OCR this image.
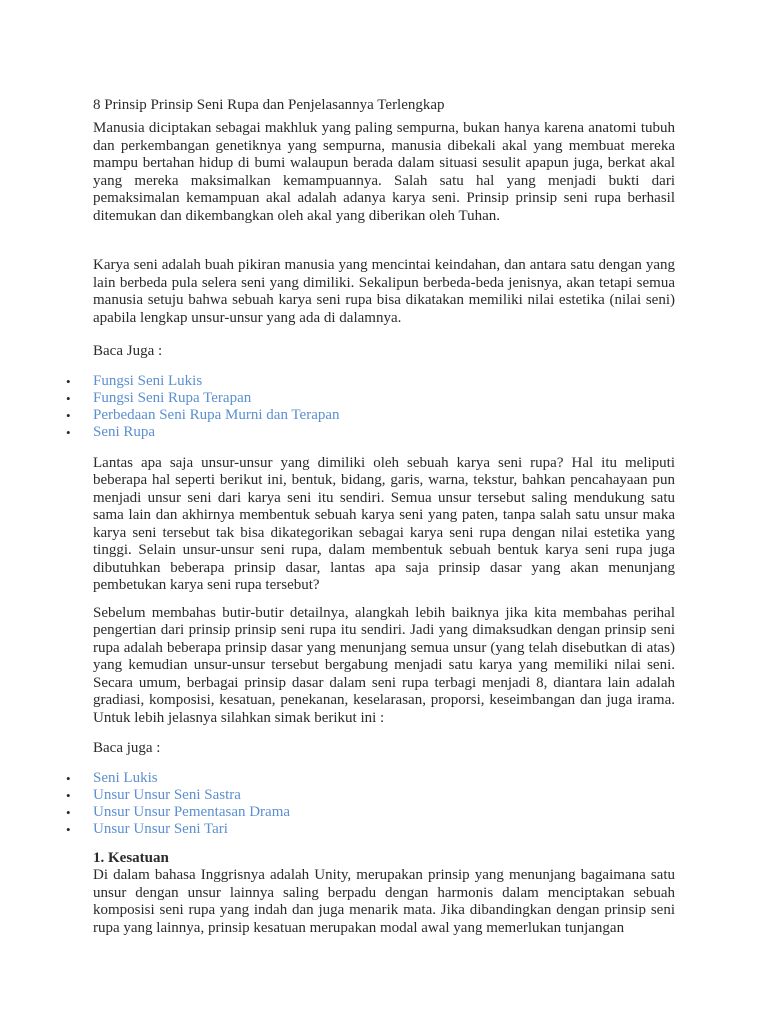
8 Prinsip Prinsip Seni Rupa dan Penjelasannya Terlengkap

Manusia diciptakan sebagai makhluk yang paling sempurna, bukan hanya karena anatomi tubuh dan perkembangan genetiknya yang sempurna, manusia dibekali akal yang membuat mereka mampu bertahan hidup di bumi walaupun berada dalam situasi sesulit apapun juga, berkat akal yang mereka maksimalkan kemampuannya. Salah satu hal yang menjadi bukti dari pemaksimalan kemampuan akal adalah adanya karya seni. Prinsip prinsip seni rupa berhasil ditemukan dan dikembangkan oleh akal yang diberikan oleh Tuhan.

Karya seni adalah buah pikiran manusia yang mencintai keindahan, dan antara satu dengan yang lain berbeda pula selera seni yang dimiliki. Sekalipun berbeda-beda jenisnya, akan tetapi semua manusia setuju bahwa sebuah karya seni rupa bisa dikatakan memiliki nilai estetika (nilai seni) apabila lengkap unsur-unsur yang ada di dalamnya.

Baca Juga :

• Fungsi Seni Lukis
• Fungsi Seni Rupa Terapan
• Perbedaan Seni Rupa Murni dan Terapan
• Seni Rupa

Lantas apa saja unsur-unsur yang dimiliki oleh sebuah karya seni rupa? Hal itu meliputi beberapa hal seperti berikut ini, bentuk, bidang, garis, warna, tekstur, bahkan pencahayaan pun menjadi unsur seni dari karya seni itu sendiri. Semua unsur tersebut saling mendukung satu sama lain dan akhirnya membentuk sebuah karya seni yang paten, tanpa salah satu unsur maka karya seni tersebut tak bisa dikategorikan sebagai karya seni rupa dengan nilai estetika yang tinggi. Selain unsur-unsur seni rupa, dalam membentuk sebuah bentuk karya seni rupa juga dibutuhkan beberapa prinsip dasar, lantas apa saja prinsip dasar yang akan menunjang pembetukan karya seni rupa tersebut?

Sebelum membahas butir-butir detailnya, alangkah lebih baiknya jika kita membahas perihal pengertian dari prinsip prinsip seni rupa itu sendiri. Jadi yang dimaksudkan dengan prinsip seni rupa adalah beberapa prinsip dasar yang menunjang semua unsur (yang telah disebutkan di atas) yang kemudian unsur-unsur tersebut bergabung menjadi satu karya yang memiliki nilai seni. Secara umum, berbagai prinsip dasar dalam seni rupa terbagi menjadi 8, diantara lain adalah gradiasi, komposisi, kesatuan, penekanan, keselarasan, proporsi, keseimbangan dan juga irama. Untuk lebih jelasnya silahkan simak berikut ini :

Baca juga :

• Seni Lukis
• Unsur Unsur Seni Sastra
• Unsur Unsur Pementasan Drama
• Unsur Unsur Seni Tari
1. Kesatuan

Di dalam bahasa Inggrisnya adalah Unity, merupakan prinsip yang menunjang bagaimana satu unsur dengan unsur lainnya saling berpadu dengan harmonis dalam menciptakan sebuah komposisi seni rupa yang indah dan juga menarik mata. Jika dibandingkan dengan prinsip seni rupa yang lainnya, prinsip kesatuan merupakan modal awal yang memerlukan tunjangan
